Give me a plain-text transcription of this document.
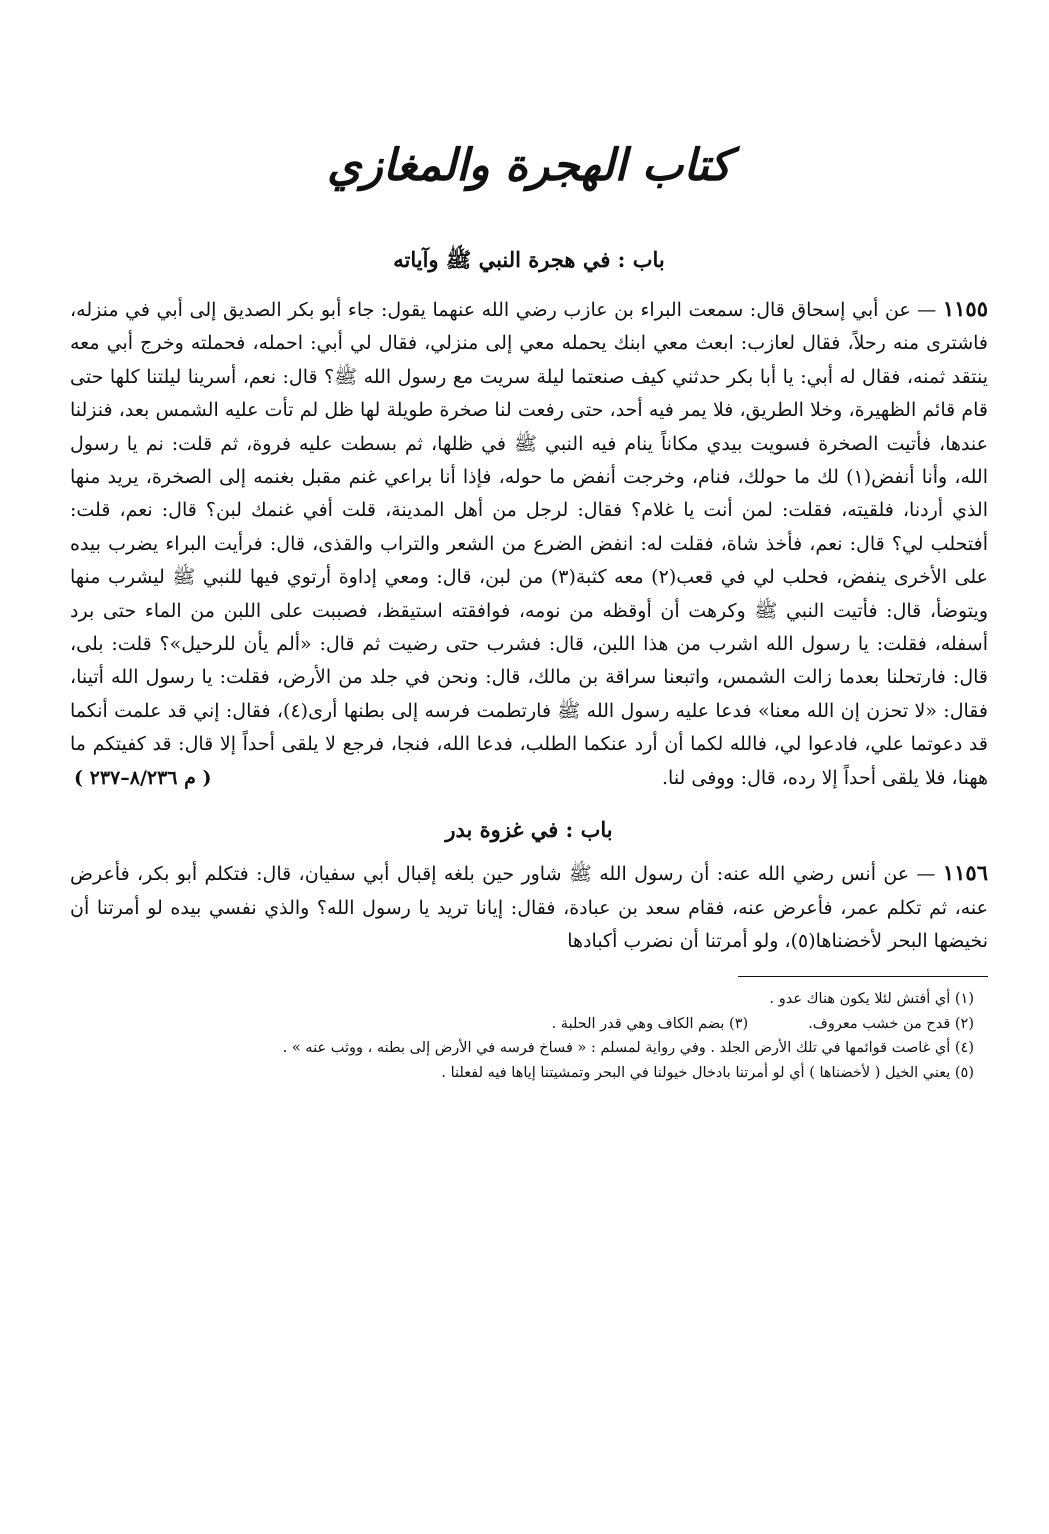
كتاب الهجرة والمغازي
باب : في هجرة النبي ﷺ وآياته

١١٥٥ — عن أبي إسحاق قال: سمعت البراء بن عازب رضي الله عنهما يقول: جاء أبو بكر الصديق إلى أبي في منزله، فاشترى منه رحلاً، فقال لعازب: ابعث معي ابنك يحمله معي إلى منزلي، فقال لي أبي: احمله، فحملته وخرج أبي معه ينتقد ثمنه، فقال له أبي: يا أبا بكر حدثني كيف صنعتما ليلة سريت مع رسول الله ﷺ؟ قال: نعم، أسرينا ليلتنا كلها حتى قام قائم الظهيرة، وخلا الطريق، فلا يمر فيه أحد، حتى رفعت لنا صخرة طويلة لها ظل لم تأت عليه الشمس بعد، فنزلنا عندها، فأتيت الصخرة فسويت بيدي مكاناً ينام فيه النبي ﷺ في ظلها، ثم بسطت عليه فروة، ثم قلت: نم يا رسول الله، وأنا أنفض(١) لك ما حولك، فنام، وخرجت أنفض ما حوله، فإذا أنا براعي غنم مقبل بغنمه إلى الصخرة، يريد منها الذي أردنا، فلقيته، فقلت: لمن أنت يا غلام؟ فقال: لرجل من أهل المدينة، قلت أفي غنمك لبن؟ قال: نعم، قلت: أفتحلب لي؟ قال: نعم، فأخذ شاة، فقلت له: انفض الضرع من الشعر والتراب والقذى، قال: فرأيت البراء يضرب بيده على الأخرى ينفض، فحلب لي في قعب(٢) معه كثبة(٣) من لبن، قال: ومعي إداوة أرتوي فيها للنبي ﷺ ليشرب منها ويتوضأ، قال: فأتيت النبي ﷺ وكرهت أن أوقظه من نومه، فوافقته استيقظ، فصببت على اللبن من الماء حتى برد أسفله، فقلت: يا رسول الله اشرب من هذا اللبن، قال: فشرب حتى رضيت ثم قال: «ألم يأن للرحيل»؟ قلت: بلى، قال: فارتحلنا بعدما زالت الشمس، واتبعنا سراقة بن مالك، قال: ونحن في جلد من الأرض، فقلت: يا رسول الله أتينا، فقال: «لا تحزن إن الله معنا» فدعا عليه رسول الله ﷺ فارتطمت فرسه إلى بطنها أرى(٤)، فقال: إني قد علمت أنكما قد دعوتما علي، فادعوا لي، فالله لكما أن أرد عنكما الطلب، فدعا الله، فنجا، فرجع لا يلقى أحداً إلا قال: قد كفيتكم ما ههنا، فلا يلقى أحداً إلا رده، قال: ووفى لنا.
( م ٨/٢٣٦–٢٣٧ )

باب : في غزوة بدر

١١٥٦ — عن أنس رضي الله عنه: أن رسول الله ﷺ شاور حين بلغه إقبال أبي سفيان، قال: فتكلم أبو بكر، فأعرض عنه، ثم تكلم عمر، فأعرض عنه، فقام سعد بن عبادة، فقال: إيانا تريد يا رسول الله؟ والذي نفسي بيده لو أمرتنا أن نخيضها البحر لأخضناها(٥)، ولو أمرتنا أن نضرب أكبادها

(١) أي أفتش لئلا يكون هناك عدو .
(٢) قدح من خشب معروف.
(٣) بضم الكاف وهي قدر الحلبة .
(٤) أي غاصت قوائمها في تلك الأرض الجلد . وفي رواية لمسلم : « فساخ فرسه في الأرض إلى بطنه ، ووثب عنه » .
(٥) يعني الخيل ( لأخضناها ) أي لو أمرتنا بادخال خيولنا في البحر وتمشيتنا إياها فيه لفعلنا .
